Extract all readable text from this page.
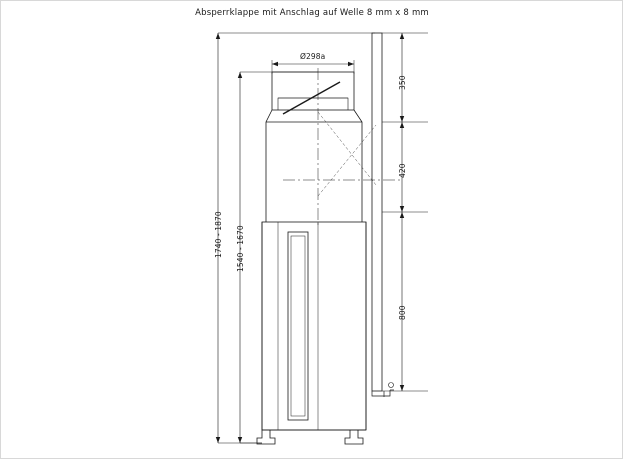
Absperrklappe mit Anschlag auf Welle 8 mm x 8 mm
Ø298a
1740 - 1870 1540 - 1670
350
420
800
